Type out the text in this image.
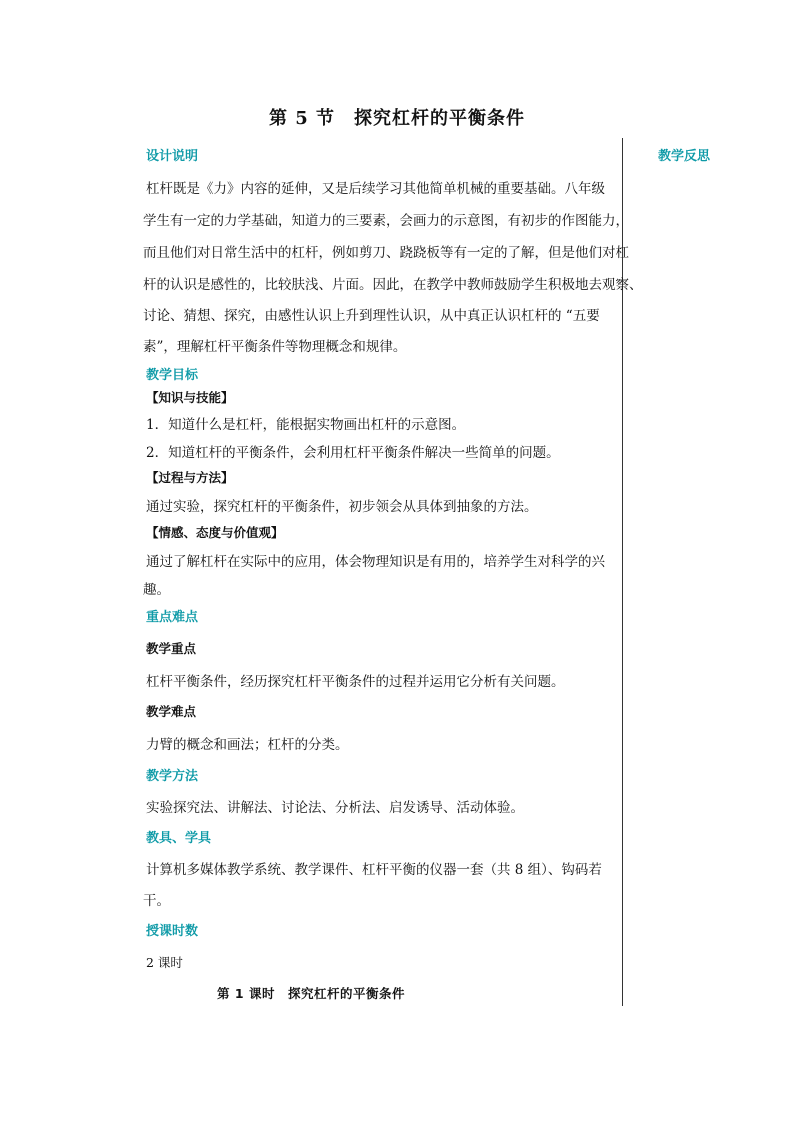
第 5 节　探究杠杆的平衡条件
教学反思
设计说明
杠杆既是《力》内容的延伸，又是后续学习其他简单机械的重要基础。八年级
学生有一定的力学基础，知道力的三要素，会画力的示意图，有初步的作图能力，
而且他们对日常生活中的杠杆，例如剪刀、跷跷板等有一定的了解，但是他们对杠
杆的认识是感性的，比较肤浅、片面。因此，在教学中教师鼓励学生积极地去观察、
讨论、猜想、探究，由感性认识上升到理性认识，从中真正认识杠杆的 “五要
素”，理解杠杆平衡条件等物理概念和规律。
教学目标
【知识与技能】
1．知道什么是杠杆，能根据实物画出杠杆的示意图。
2．知道杠杆的平衡条件，会利用杠杆平衡条件解决一些简单的问题。
【过程与方法】
通过实验，探究杠杆的平衡条件，初步领会从具体到抽象的方法。
【情感、态度与价值观】
通过了解杠杆在实际中的应用，体会物理知识是有用的，培养学生对科学的兴
趣。
重点难点
教学重点
杠杆平衡条件，经历探究杠杆平衡条件的过程并运用它分析有关问题。
教学难点
力臂的概念和画法；杠杆的分类。
教学方法
实验探究法、讲解法、讨论法、分析法、启发诱导、活动体验。
教具、学具
计算机多媒体教学系统、教学课件、杠杆平衡的仪器一套（共 8 组）、钩码若
干。
授课时数
2 课时
第 1 课时　探究杠杆的平衡条件
